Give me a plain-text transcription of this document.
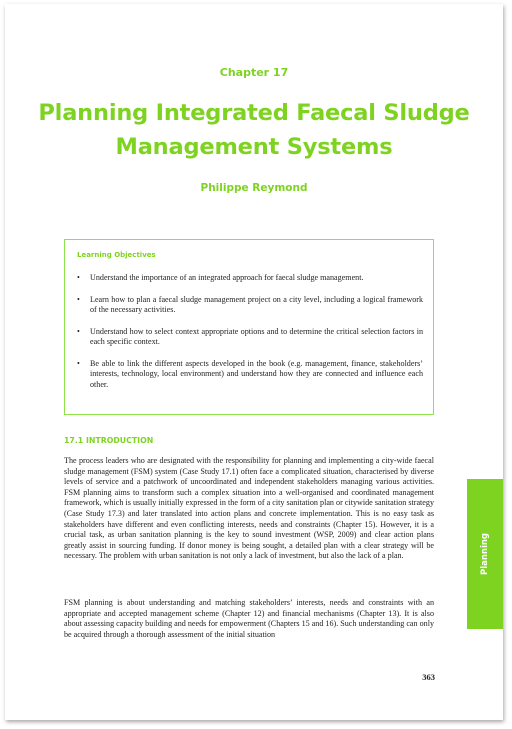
Chapter 17
Planning Integrated Faecal Sludge Management Systems
Philippe Reymond
Learning Objectives
• Understand the importance of an integrated approach for faecal sludge management.
• Learn how to plan a faecal sludge management project on a city level, including a logical framework of the necessary activities.
• Understand how to select context appropriate options and to determine the critical selection factors in each specific context.
• Be able to link the different aspects developed in the book (e.g. management, finance, stakeholders’ interests, technology, local environment) and understand how they are connected and influence each other.
17.1 INTRODUCTION

The process leaders who are designated with the responsibility for planning and implementing a city-wide faecal sludge management (FSM) system (Case Study 17.1) often face a complicated situation, characterised by diverse levels of service and a patchwork of uncoordinated and independent stakeholders managing various activities. FSM planning aims to transform such a complex situation into a well-organised and coordinated management framework, which is usually initially expressed in the form of a city sanitation plan or citywide sanitation strategy (Case Study 17.3) and later translated into action plans and concrete implementation. This is no easy task as stakeholders have different and even conflicting interests, needs and constraints (Chapter 15). However, it is a crucial task, as urban sanitation planning is the key to sound investment (WSP, 2009) and clear action plans greatly assist in sourcing funding. If donor money is being sought, a detailed plan with a clear strategy will be necessary. The problem with urban sanitation is not only a lack of investment, but also the lack of a plan.

FSM planning is about understanding and matching stakeholders’ interests, needs and constraints with an appropriate and accepted management scheme (Chapter 12) and financial mechanisms (Chapter 13). It is also about assessing capacity building and needs for empowerment (Chapters 15 and 16). Such understanding can only be acquired through a thorough assessment of the initial situation

363
Planning
